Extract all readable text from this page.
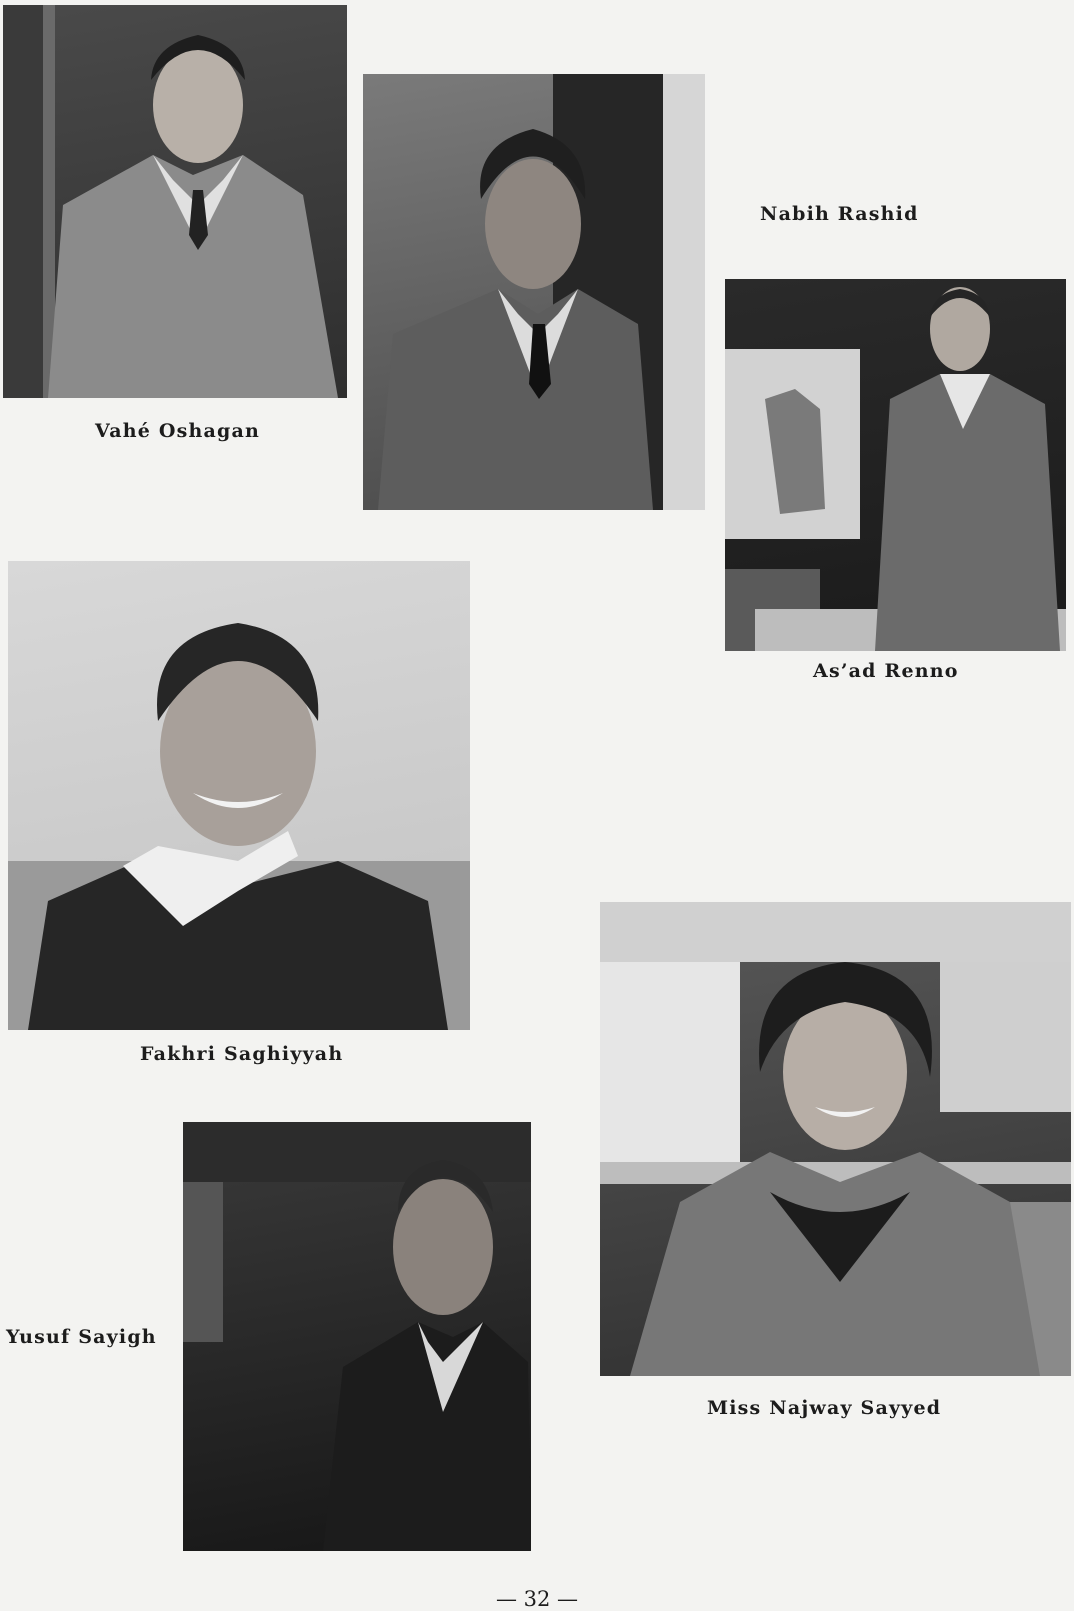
Vahé Oshagan
Nabih Rashid
As’ad Renno
Fakhri Saghiyyah
Yusuf Sayigh
Miss Najway Sayyed
— 32 —
